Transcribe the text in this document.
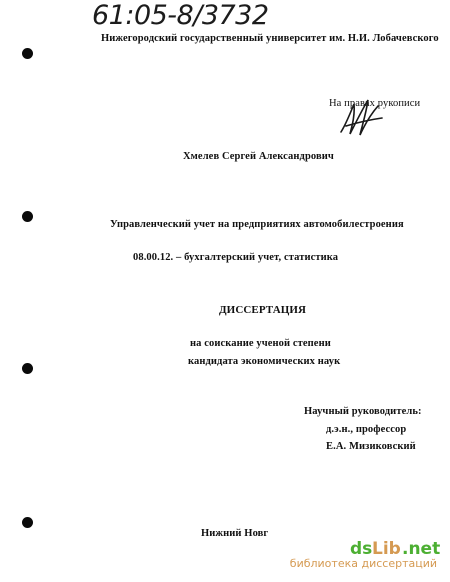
61:05-8/3732
Нижегородский государственный университет им. Н.И. Лобачевского
На правах рукописи
Хмелев Сергей Александрович
Управленческий учет на предприятиях автомобилестроения
08.00.12. – бухгалтерский учет, статистика
ДИССЕРТАЦИЯ
на соискание ученой степени
кандидата экономических наук
Научный руководитель:
д.э.н., профессор
Е.А. Мизиковский
Нижний Новг
ds Lib .net
библиотека диссертаций
